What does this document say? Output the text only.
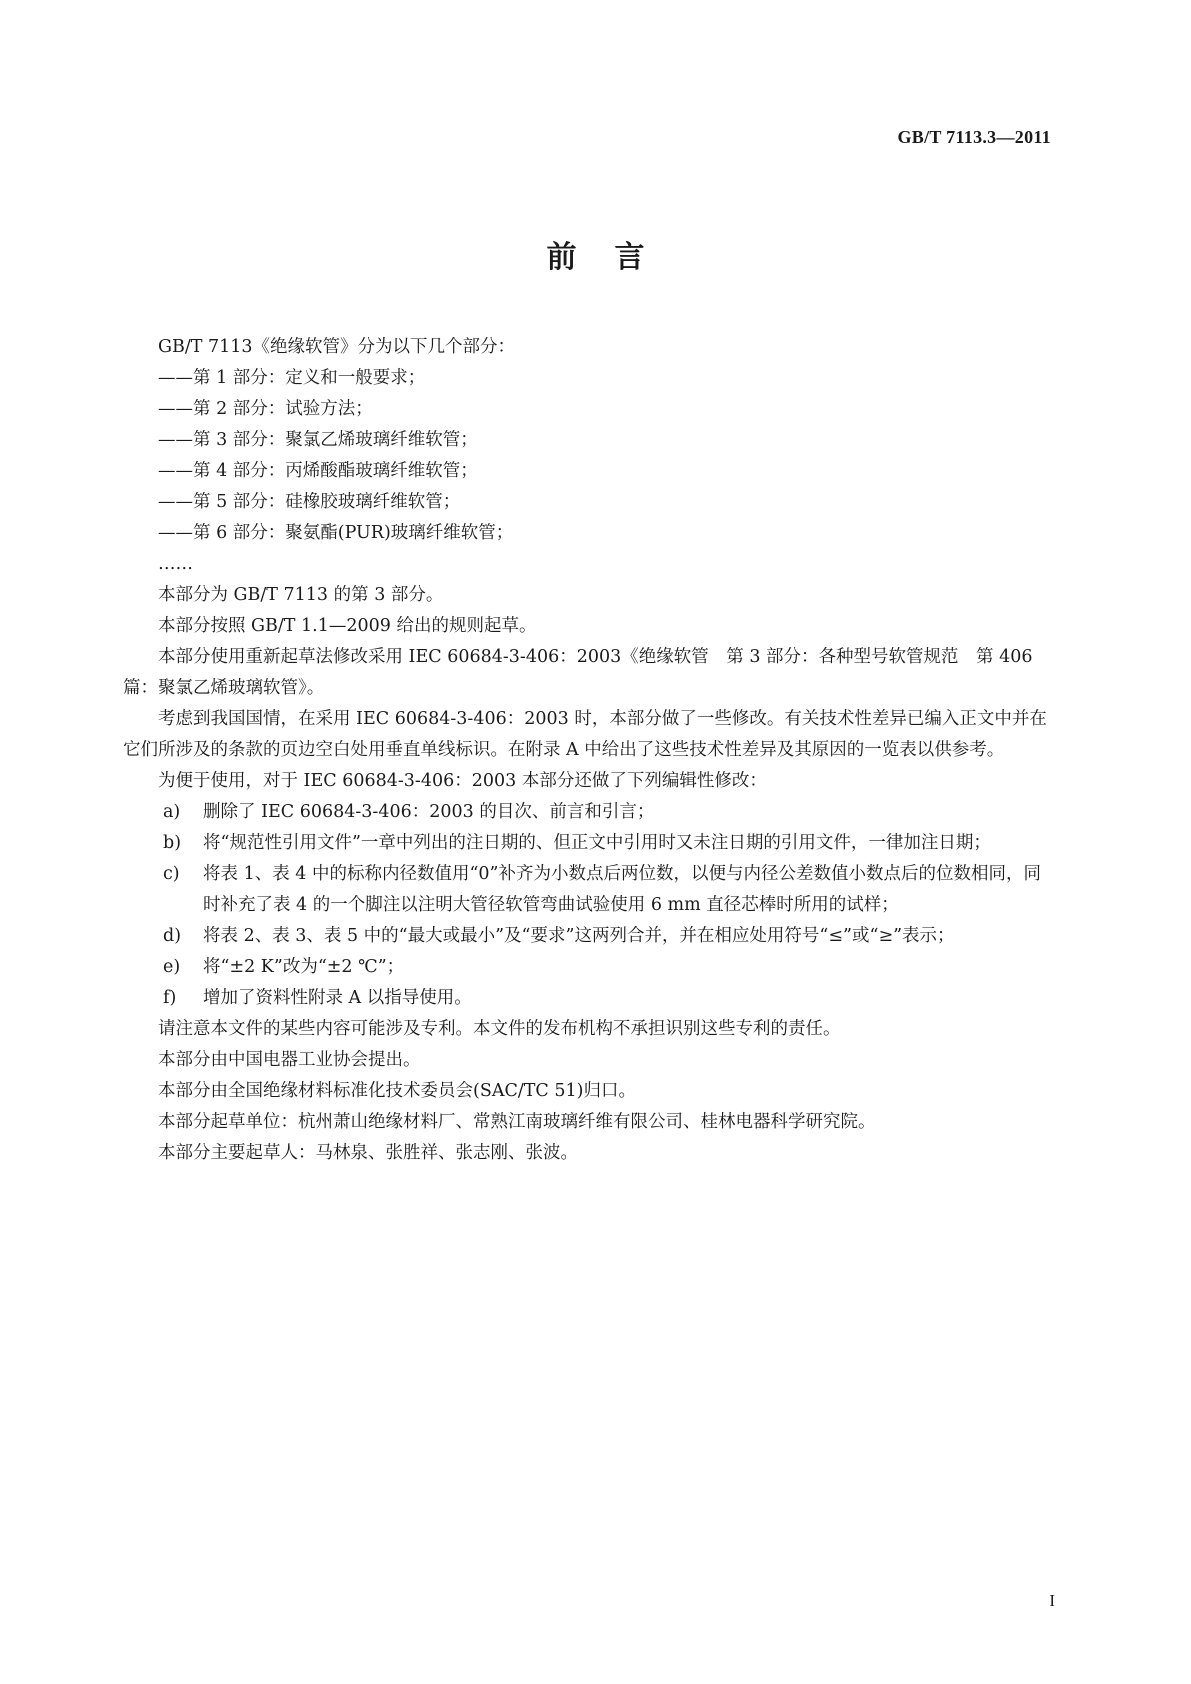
GB/T 7113.3—2011
前言

GB/T 7113《绝缘软管》分为以下几个部分：

——第 1 部分：定义和一般要求；

——第 2 部分：试验方法；

——第 3 部分：聚氯乙烯玻璃纤维软管；

——第 4 部分：丙烯酸酯玻璃纤维软管；

——第 5 部分：硅橡胶玻璃纤维软管；

——第 6 部分：聚氨酯(PUR)玻璃纤维软管；

……

本部分为 GB/T 7113 的第 3 部分。

本部分按照 GB/T 1.1—2009 给出的规则起草。

本部分使用重新起草法修改采用 IEC 60684-3-406：2003《绝缘软管　第 3 部分：各种型号软管规范　第 406 篇：聚氯乙烯玻璃软管》。

考虑到我国国情，在采用 IEC 60684-3-406：2003 时，本部分做了一些修改。有关技术性差异已编入正文中并在它们所涉及的条款的页边空白处用垂直单线标识。在附录 A 中给出了这些技术性差异及其原因的一览表以供参考。

为便于使用，对于 IEC 60684-3-406：2003 本部分还做了下列编辑性修改：

a) 删除了 IEC 60684-3-406：2003 的目次、前言和引言；
b) 将“规范性引用文件”一章中列出的注日期的、但正文中引用时又未注日期的引用文件，一律加注日期；
c) 将表 1、表 4 中的标称内径数值用“0”补齐为小数点后两位数，以便与内径公差数值小数点后的位数相同，同时补充了表 4 的一个脚注以注明大管径软管弯曲试验使用 6 mm 直径芯棒时所用的试样；
d) 将表 2、表 3、表 5 中的“最大或最小”及“要求”这两列合并，并在相应处用符号“≤”或“≥”表示；
e) 将“±2 K”改为“±2 ℃”；
f) 增加了资料性附录 A 以指导使用。

请注意本文件的某些内容可能涉及专利。本文件的发布机构不承担识别这些专利的责任。

本部分由中国电器工业协会提出。

本部分由全国绝缘材料标准化技术委员会(SAC/TC 51)归口。

本部分起草单位：杭州萧山绝缘材料厂、常熟江南玻璃纤维有限公司、桂林电器科学研究院。

本部分主要起草人：马林泉、张胜祥、张志刚、张波。

I
